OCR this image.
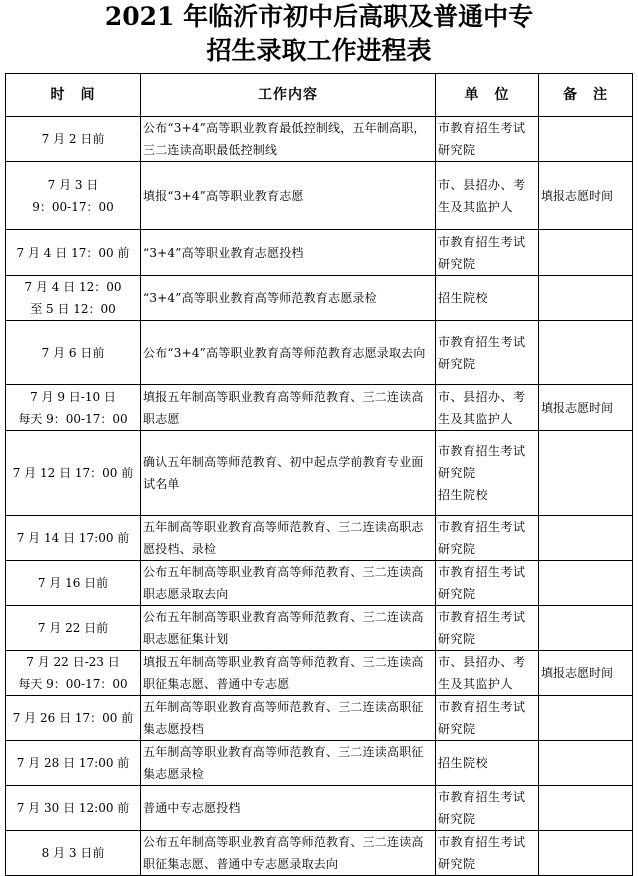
2021 年临沂市初中后高职及普通中专
招生录取工作进程表
时　间	工作内容	单　位	备　注

7 月 2 日前	公布“3+4”高等职业教育最低控制线，五年制高职，三二连读高职最低控制线	市教育招生考试
研究院	

7 月 3 日
9：00-17：00	填报“3+4”高等职业教育志愿	市、县招办、考
生及其监护人	填报志愿时间

7 月 4 日 17：00 前	“3+4”高等职业教育志愿投档	市教育招生考试
研究院	

7 月 4 日 12：00
至 5 日 12：00	“3+4”高等职业教育高等师范教育志愿录检	招生院校	

7 月 6 日前	公布“3+4”高等职业教育高等师范教育志愿录取去向	市教育招生考试
研究院	

7 月 9 日-10 日
每天 9：00-17：00	填报五年制高等职业教育高等师范教育、三二连读高职志愿	市、县招办、考
生及其监护人	填报志愿时间

7 月 12 日 17：00 前	确认五年制高等师范教育、初中起点学前教育专业面试名单	市教育招生考试
研究院
招生院校	

7 月 14 日 17:00 前	五年制高等职业教育高等师范教育、三二连读高职志愿投档、录检	市教育招生考试
研究院	

7 月 16 日前	公布五年制高等职业教育高等师范教育、三二连读高职志愿录取去向	市教育招生考试
研究院	

7 月 22 日前	公布五年制高等职业教育高等师范教育、三二连读高职志愿征集计划	市教育招生考试
研究院	

7 月 22 日-23 日
每天 9：00-17：00	填报五年制高等职业教育高等师范教育、三二连读高职征集志愿、普通中专志愿	市、县招办、考
生及其监护人	填报志愿时间

7 月 26 日 17：00 前	五年制高等职业教育高等师范教育、三二连读高职征集志愿投档	市教育招生考试
研究院	

7 月 28 日 17:00 前	五年制高等职业教育高等师范教育、三二连读高职征集志愿录检	招生院校	

7 月 30 日 12:00 前	普通中专志愿投档	市教育招生考试
研究院	

8 月 3 日前	公布五年制高等职业教育高等师范教育、三二连读高职征集志愿、普通中专志愿录取去向	市教育招生考试
研究院	
